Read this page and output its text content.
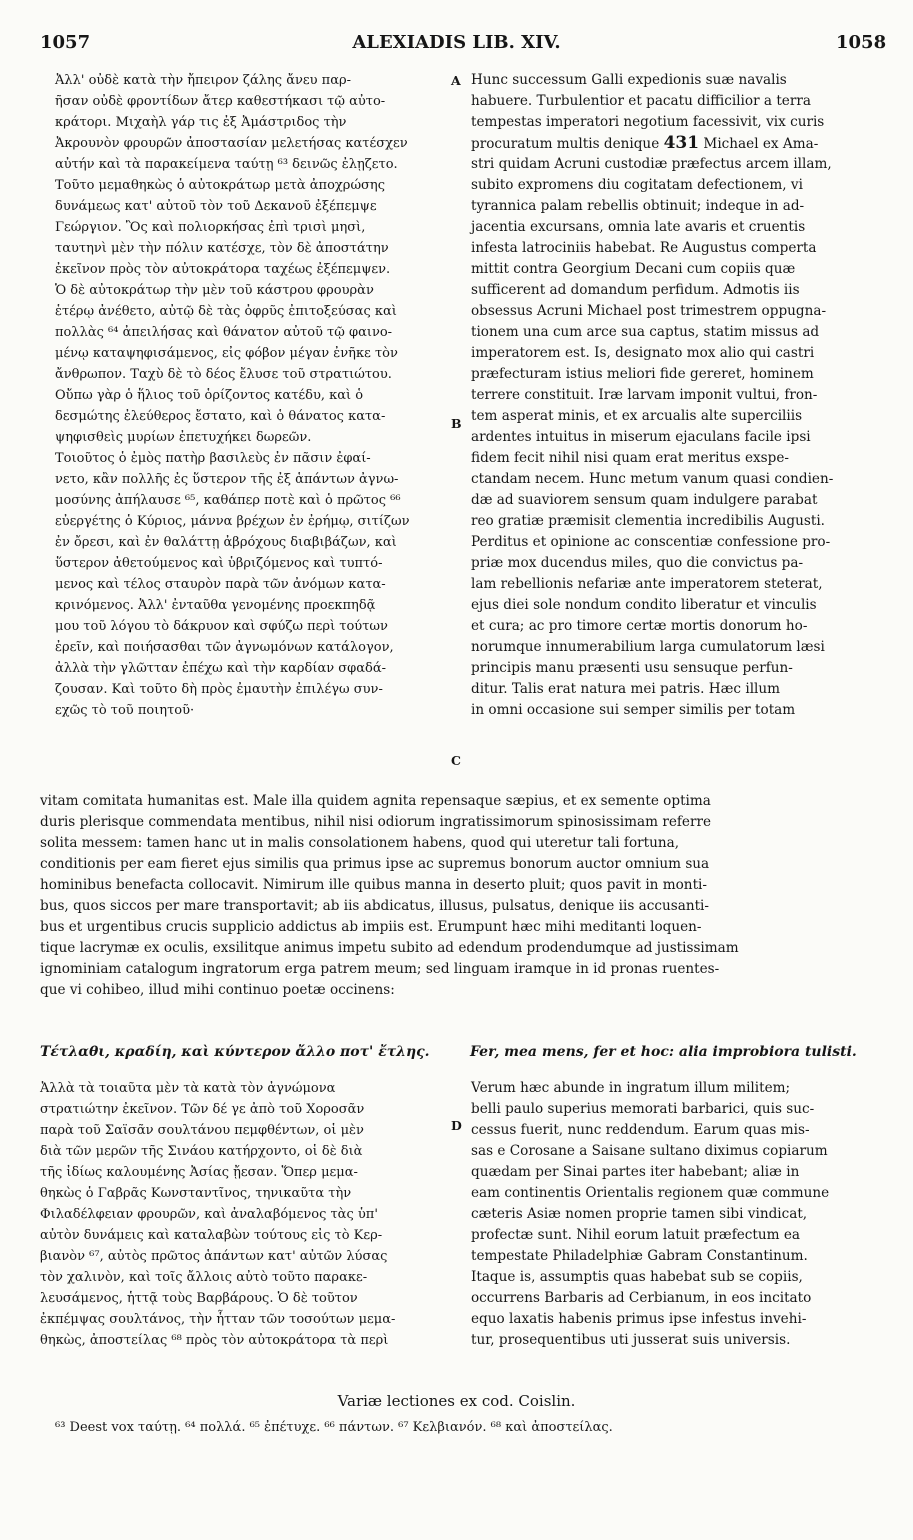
1057	ALEXIADIS LIB. XIV.	1058
Ἀλλ' οὐδὲ κατὰ τὴν ἤπειρον ζάλης ἄνευ παρ-
ῆσαν οὐδὲ φροντίδων ἄτερ καθεστήκασι τῷ αὐτο-
κράτορι. Μιχαὴλ γάρ τις ἐξ Ἀμάστριδος τὴν
Ἀκρουνὸν φρουρῶν ἀποστασίαν μελετήσας κατέσχεν
αὐτήν καὶ τὰ παρακείμενα ταύτῃ ⁶³ δεινῶς ἐλῃζετο.
Τοῦτο μεμαθηκὼς ὁ αὐτοκράτωρ μετὰ ἀποχρώσης
δυνάμεως κατ' αὐτοῦ τὸν τοῦ Δεκανοῦ ἐξέπεμψε
Γεώργιον. Ὃς καὶ πολιορκήσας ἐπὶ τρισὶ μησὶ,
ταυτηνὶ μὲν τὴν πόλιν κατέσχε, τὸν δὲ ἀποστάτην
ἐκεῖνον πρὸς τὸν αὐτοκράτορα ταχέως ἐξέπεμψεν.
Ὁ δὲ αὐτοκράτωρ τὴν μὲν τοῦ κάστρου φρουρὰν
ἑτέρῳ ἀνέθετο, αὐτῷ δὲ τὰς ὀφρῦς ἐπιτοξεύσας καὶ
πολλὰς ⁶⁴ ἀπειλήσας καὶ θάνατον αὐτοῦ τῷ φαινο-
μένῳ καταψηφισάμενος, εἰς φόβον μέγαν ἐνῆκε τὸν
ἄνθρωπον. Ταχὺ δὲ τὸ δέος ἔλυσε τοῦ στρατιώτου.
Οὔπω γὰρ ὁ ἥλιος τοῦ ὁρίζοντος κατέδυ, καὶ ὁ
δεσμώτης ἐλεύθερος ἔστατο, καὶ ὁ θάνατος κατα-
ψηφισθεὶς μυρίων ἐπετυχήκει δωρεῶν.
Τοιοῦτος ὁ ἐμὸς πατὴρ βασιλεὺς ἐν πᾶσιν ἐφαί-
νετο, κἂν πολλῆς ἐς ὕστερον τῆς ἐξ ἁπάντων ἀγνω-
μοσύνης ἀπήλαυσε ⁶⁵, καθάπερ ποτὲ καὶ ὁ πρῶτος ⁶⁶
εὐεργέτης ὁ Κύριος, μάννα βρέχων ἐν ἐρήμῳ, σιτίζων
ἐν ὄρεσι, καὶ ἐν θαλάττῃ ἀβρόχους διαβιβάζων, καὶ
ὕστερον ἀθετούμενος καὶ ὑβριζόμενος καὶ τυπτό-
μενος καὶ τέλος σταυρὸν παρὰ τῶν ἀνόμων κατα-
κρινόμενος. Ἀλλ' ἐνταῦθα γενομένης προεκπηδᾷ
μου τοῦ λόγου τὸ δάκρυον καὶ σφύζω περὶ τούτων
ἐρεῖν, καὶ ποιήσασθαι τῶν ἀγνωμόνων κατάλογον,
ἀλλὰ τὴν γλῶτταν ἐπέχω καὶ τὴν καρδίαν σφαδά-
ζουσαν. Καὶ τοῦτο δὴ πρὸς ἐμαυτὴν ἐπιλέγω συν-
εχῶς τὸ τοῦ ποιητοῦ·
A
B
C
D
Hunc successum Galli expedionis suæ navalis
habuere. Turbulentior et pacatu difficilior a terra
tempestas imperatori negotium facessivit, vix curis
procuratum multis denique 431 Michael ex Ama-
stri quidam Acruni custodiæ præfectus arcem illam,
subito expromens diu cogitatam defectionem, vi
tyrannica palam rebellis obtinuit; indeque in ad-
jacentia excursans, omnia late avaris et cruentis
infesta latrociniis habebat. Re Augustus comperta
mittit contra Georgium Decani cum copiis quæ
sufficerent ad domandum perfidum. Admotis iis
obsessus Acruni Michael post trimestrem oppugna-
tionem una cum arce sua captus, statim missus ad
imperatorem est. Is, designato mox alio qui castri
præfecturam istius meliori fide gereret, hominem
terrere constituit. Iræ larvam imponit vultui, fron-
tem asperat minis, et ex arcualis alte superciliis
ardentes intuitus in miserum ejaculans facile ipsi
fidem fecit nihil nisi quam erat meritus exspe-
ctandam necem. Hunc metum vanum quasi condien-
dæ ad suaviorem sensum quam indulgere parabat
reo gratiæ præmisit clementia incredibilis Augusti.
Perditus et opinione ac conscentiæ confessione pro-
priæ mox ducendus miles, quo die convictus pa-
lam rebellionis nefariæ ante imperatorem steterat,
ejus diei sole nondum condito liberatur et vinculis
et cura; ac pro timore certæ mortis donorum ho-
norumque innumerabilium larga cumulatorum læsi
principis manu præsenti usu sensuque perfun-
ditur. Talis erat natura mei patris. Hæc illum
in omni occasione sui semper similis per totam
vitam comitata humanitas est. Male illa quidem agnita repensaque sæpius, et ex semente optima
duris plerisque commendata mentibus, nihil nisi odiorum ingratissimorum spinosissimam referre
solita messem: tamen hanc ut in malis consolationem habens, quod qui uteretur tali fortuna,
conditionis per eam fieret ejus similis qua primus ipse ac supremus bonorum auctor omnium sua
hominibus benefacta collocavit. Nimirum ille quibus manna in deserto pluit; quos pavit in monti-
bus, quos siccos per mare transportavit; ab iis abdicatus, illusus, pulsatus, denique iis accusanti-
bus et urgentibus crucis supplicio addictus ab impiis est. Erumpunt hæc mihi meditanti loquen-
tique lacrymæ ex oculis, exsilitque animus impetu subito ad edendum prodendumque ad justissimam
ignominiam catalogum ingratorum erga patrem meum; sed linguam iramque in id pronas ruentes-
que vi cohibeo, illud mihi continuo poetæ occinens:
Τέτλαθι, κραδίη, καὶ κύντερον ἄλλο ποτ' ἔτλης.	Fer, mea mens, fer et hoc: alia improbiora tulisti.
Ἀλλὰ τὰ τοιαῦτα μὲν τὰ κατὰ τὸν ἀγνώμονα
στρατιώτην ἐκεῖνον. Τῶν δέ γε ἀπὸ τοῦ Χοροσᾶν
παρὰ τοῦ Σαϊσᾶν σουλτάνου πεμφθέντων, οἱ μὲν
διὰ τῶν μερῶν τῆς Σινάου κατήρχοντο, οἱ δὲ διὰ
τῆς ἰδίως καλουμένης Ἀσίας ᾔεσαν. Ὅπερ μεμα-
θηκὼς ὁ Γαβρᾶς Κωνσταντῖνος, τηνικαῦτα τὴν
Φιλαδέλφειαν φρουρῶν, καὶ ἀναλαβόμενος τὰς ὑπ'
αὐτὸν δυνάμεις καὶ καταλαβὼν τούτους εἰς τὸ Κερ-
βιανὸν ⁶⁷, αὐτὸς πρῶτος ἁπάντων κατ' αὐτῶν λύσας
τὸν χαλινὸν, καὶ τοῖς ἄλλοις αὐτὸ τοῦτο παρακε-
λευσάμενος, ἡττᾷ τοὺς Βαρβάρους. Ὁ δὲ τοῦτον
ἐκπέμψας σουλτάνος, τὴν ἧτταν τῶν τοσούτων μεμα-
θηκὼς, ἀποστείλας ⁶⁸ πρὸς τὸν αὐτοκράτορα τὰ περὶ
Verum hæc abunde in ingratum illum militem;
belli paulo superius memorati barbarici, quis suc-
cessus fuerit, nunc reddendum. Earum quas mis-
sas e Corosane a Saisane sultano diximus copiarum
quædam per Sinai partes iter habebant; aliæ in
eam continentis Orientalis regionem quæ commune
cæteris Asiæ nomen proprie tamen sibi vindicat,
profectæ sunt. Nihil eorum latuit præfectum ea
tempestate Philadelphiæ Gabram Constantinum.
Itaque is, assumptis quas habebat sub se copiis,
occurrens Barbaris ad Cerbianum, in eos incitato
equo laxatis habenis primus ipse infestus invehi-
tur, prosequentibus uti jusserat suis universis.
Variæ lectiones ex cod. Coislin.
⁶³ Deest vox ταύτῃ. ⁶⁴ πολλά. ⁶⁵ ἐπέτυχε. ⁶⁶ πάντων. ⁶⁷ Κελβιανόν. ⁶⁸ καὶ ἀποστείλας.
